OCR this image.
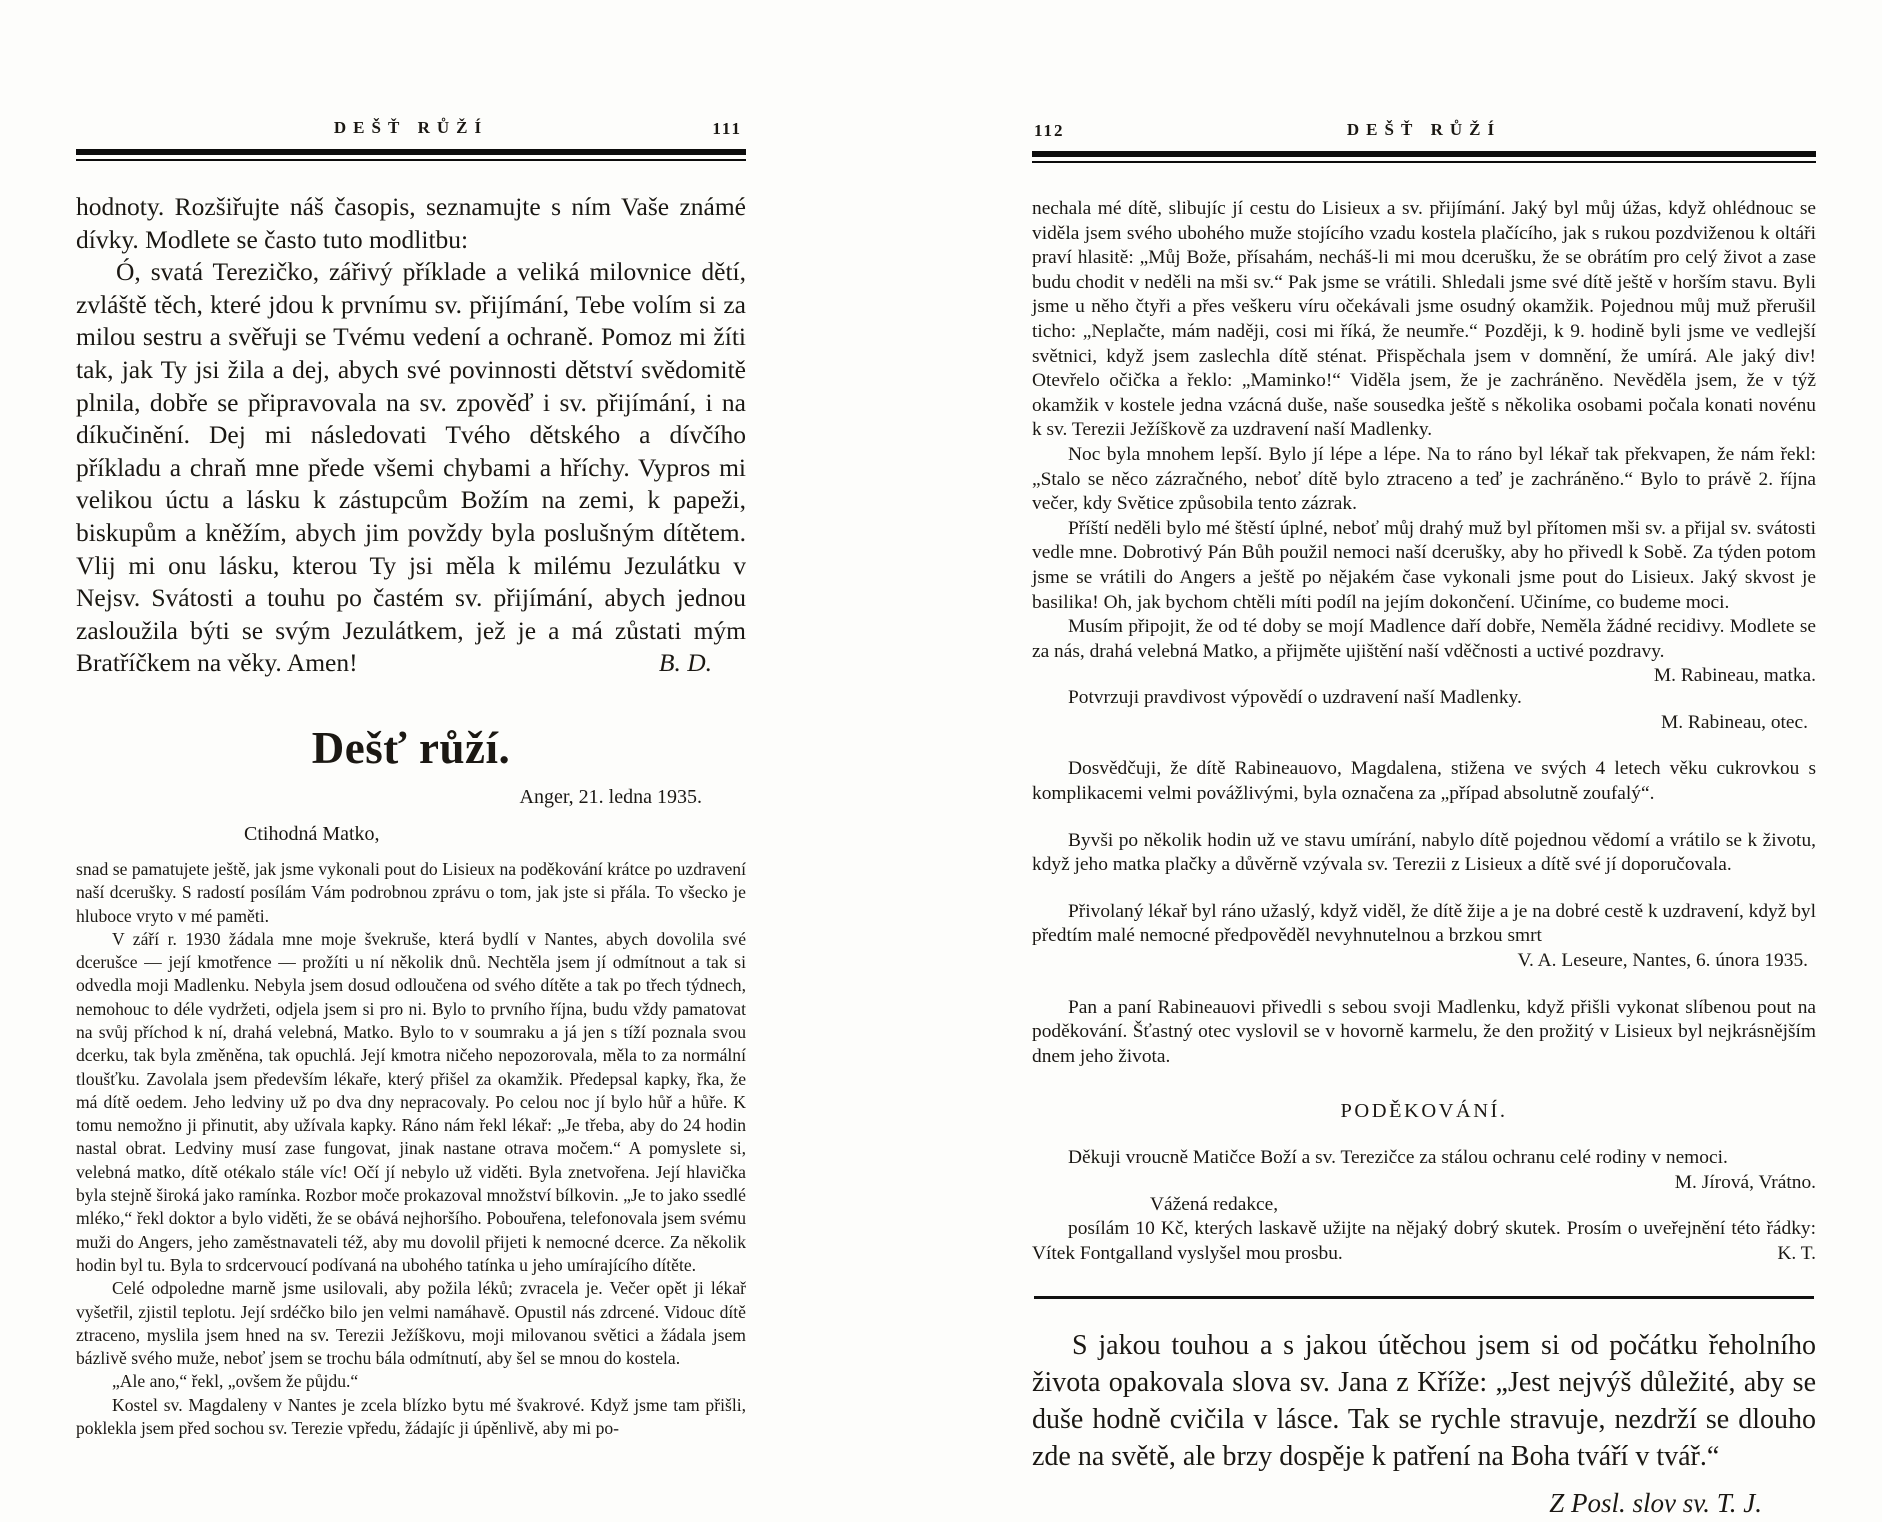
DEŠŤ RŮŽÍ	111

hodnoty. Rozšiřujte náš časopis, seznamujte s ním Vaše známé dívky. Modlete se často tuto modlitbu:

Ó, svatá Terezičko, zářivý příklade a veliká milovnice dětí, zvláště těch, které jdou k prvnímu sv. přijímání, Tebe volím si za milou sestru a svěřuji se Tvému vedení a ochraně. Pomoz mi žíti tak, jak Ty jsi žila a dej, abych své povinnosti dětství svědomitě plnila, dobře se připravovala na sv. zpověď i sv. přijímání, i na díkučinění. Dej mi následovati Tvého dětského a dívčího příkladu a chraň mne přede všemi chybami a hříchy. Vypros mi velikou úctu a lásku k zástupcům Božím na zemi, k papeži, biskupům a kněžím, abych jim povždy byla poslušným dítětem. Vlij mi onu lásku, kterou Ty jsi měla k milému Jezulátku v Nejsv. Svátosti a touhu po častém sv. přijímání, abych jednou zasloužila býti se svým Jezulátkem, jež je a má zůstati mým Bratříčkem na věky. Amen!	B. D.

Dešť růží.
Anger, 21. ledna 1935.
Ctihodná Matko,

snad se pamatujete ještě, jak jsme vykonali pout do Lisieux na poděkování krátce po uzdravení naší dcerušky. S radostí posílám Vám podrobnou zprávu o tom, jak jste si přála. To všecko je hluboce vryto v mé paměti.

V září r. 1930 žádala mne moje švekruše, která bydlí v Nantes, abych dovolila své dcerušce — její kmotřence — prožíti u ní několik dnů. Nechtěla jsem jí odmítnout a tak si odvedla moji Madlenku. Nebyla jsem dosud odloučena od svého dítěte a tak po třech týdnech, nemohouc to déle vydržeti, odjela jsem si pro ni. Bylo to prvního října, budu vždy pamatovat na svůj příchod k ní, drahá velebná, Matko. Bylo to v soumraku a já jen s tíží poznala svou dcerku, tak byla změněna, tak opuchlá. Její kmotra ničeho nepozorovala, měla to za normální tloušťku. Zavolala jsem především lékaře, který přišel za okamžik. Předepsal kapky, řka, že má dítě oedem. Jeho ledviny už po dva dny nepracovaly. Po celou noc jí bylo hůř a hůře. K tomu nemožno ji přinutit, aby užívala kapky. Ráno nám řekl lékař: „Je třeba, aby do 24 hodin nastal obrat. Ledviny musí zase fungovat, jinak nastane otrava močem.“ A pomyslete si, velebná matko, dítě otékalo stále víc! Očí jí nebylo už viděti. Byla znetvořena. Její hlavička byla stejně široká jako ramínka. Rozbor moče prokazoval množství bílkovin. „Je to jako ssedlé mléko,“ řekl doktor a bylo viděti, že se obává nejhoršího. Pobouřena, telefonovala jsem svému muži do Angers, jeho zaměstnavateli též, aby mu dovolil přijeti k nemocné dcerce. Za několik hodin byl tu. Byla to srdcervoucí podívaná na ubohého tatínka u jeho umírajícího dítěte.

Celé odpoledne marně jsme usilovali, aby požila léků; zvracela je. Večer opět ji lékař vyšetřil, zjistil teplotu. Její srdéčko bilo jen velmi namáhavě. Opustil nás zdrcené. Vidouc dítě ztraceno, myslila jsem hned na sv. Terezii Ježíškovu, moji milovanou světici a žádala jsem bázlivě svého muže, neboť jsem se trochu bála odmítnutí, aby šel se mnou do kostela.

„Ale ano,“ řekl, „ovšem že půjdu.“

Kostel sv. Magdaleny v Nantes je zcela blízko bytu mé švakrové. Když jsme tam přišli, poklekla jsem před sochou sv. Terezie vpředu, žádajíc ji úpěnlivě, aby mi po-

112	DEŠŤ RŮŽÍ

nechala mé dítě, slibujíc jí cestu do Lisieux a sv. přijímání. Jaký byl můj úžas, když ohlédnouc se viděla jsem svého ubohého muže stojícího vzadu kostela plačícího, jak s rukou pozdviženou k oltáři praví hlasitě: „Můj Bože, přísahám, necháš-li mi mou dcerušku, že se obrátím pro celý život a zase budu chodit v neděli na mši sv.“ Pak jsme se vrátili. Shledali jsme své dítě ještě v horším stavu. Byli jsme u něho čtyři a přes veškeru víru očekávali jsme osudný okamžik. Pojednou můj muž přerušil ticho: „Neplačte, mám naději, cosi mi říká, že neumře.“ Později, k 9. hodině byli jsme ve vedlejší světnici, když jsem zaslechla dítě sténat. Přispěchala jsem v domnění, že umírá. Ale jaký div! Otevřelo očička a řeklo: „Maminko!“ Viděla jsem, že je zachráněno. Nevěděla jsem, že v týž okamžik v kostele jedna vzácná duše, naše sousedka ještě s několika osobami počala konati novénu k sv. Terezii Ježíškově za uzdravení naší Madlenky.

Noc byla mnohem lepší. Bylo jí lépe a lépe. Na to ráno byl lékař tak překvapen, že nám řekl: „Stalo se něco zázračného, neboť dítě bylo ztraceno a teď je zachráněno.“ Bylo to právě 2. října večer, kdy Světice způsobila tento zázrak.

Příští neděli bylo mé štěstí úplné, neboť můj drahý muž byl přítomen mši sv. a přijal sv. svátosti vedle mne. Dobrotivý Pán Bůh použil nemoci naší dcerušky, aby ho přivedl k Sobě. Za týden potom jsme se vrátili do Angers a ještě po nějakém čase vykonali jsme pout do Lisieux. Jaký skvost je basilika! Oh, jak bychom chtěli míti podíl na jejím dokončení. Učiníme, co budeme moci.

Musím připojit, že od té doby se mojí Madlence daří dobře, Neměla žádné recidivy. Modlete se za nás, drahá velebná Matko, a přijměte ujištění naší vděčnosti a uctivé pozdravy.
M. Rabineau, matka.

Potvrzuji pravdivost výpovědí o uzdravení naší Madlenky.

M. Rabineau, otec.

Dosvědčuji, že dítě Rabineauovo, Magdalena, stižena ve svých 4 letech věku cukrovkou s komplikacemi velmi povážlivými, byla označena za „případ absolutně zoufalý“.

Byvši po několik hodin už ve stavu umírání, nabylo dítě pojednou vědomí a vrátilo se k životu, když jeho matka plačky a důvěrně vzývala sv. Terezii z Lisieux a dítě své jí doporučovala.

Přivolaný lékař byl ráno užaslý, když viděl, že dítě žije a je na dobré cestě k uzdravení, když byl předtím malé nemocné předpověděl nevyhnutelnou a brzkou smrt

V. A. Leseure, Nantes, 6. února 1935.

Pan a paní Rabineauovi přivedli s sebou svoji Madlenku, když přišli vykonat slíbenou pout na poděkování. Šťastný otec vyslovil se v hovorně karmelu, že den prožitý v Lisieux byl nejkrásnějším dnem jeho života.

PODĚKOVÁNÍ.

Děkuji vroucně Matičce Boží a sv. Terezičce za stálou ochranu celé rodiny v nemoci.
M. Jírová, Vrátno.

Vážená redakce,

posílám 10 Kč, kterých laskavě užijte na nějaký dobrý skutek. Prosím o uveřejnění této řádky: Vítek Fontgalland vyslyšel mou prosbu.	K. T.

S jakou touhou a s jakou útěchou jsem si od počátku řeholního života opakovala slova sv. Jana z Kříže: „Jest nejvýš důležité, aby se duše hodně cvičila v lásce. Tak se rychle stravuje, nezdrží se dlouho zde na světě, ale brzy dospěje k patření na Boha tváří v tvář.“

Z Posl. slov sv. T. J.
